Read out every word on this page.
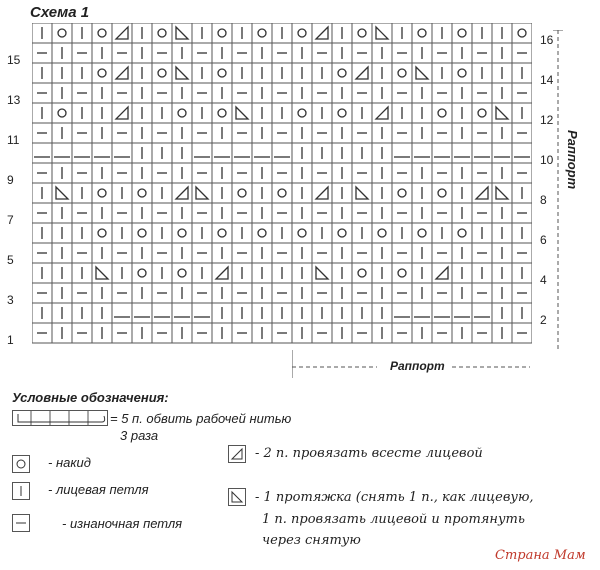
Схема 1
15
13
11
9
7
5
3
1
16
14
12
10
8
6
4
2
Раппорт
Раппорт
Условные обозначения:
= 5 п. обвить рабочей нитью
3 раза
- накид
- лицевая петля
- изнаночная петля
- 2 п. провязать всесте лицевой
- 1 протяжка (снять 1 п., как лицевую,
1 п. провязать лицевой и протянуть
через снятую
Страна Мам
